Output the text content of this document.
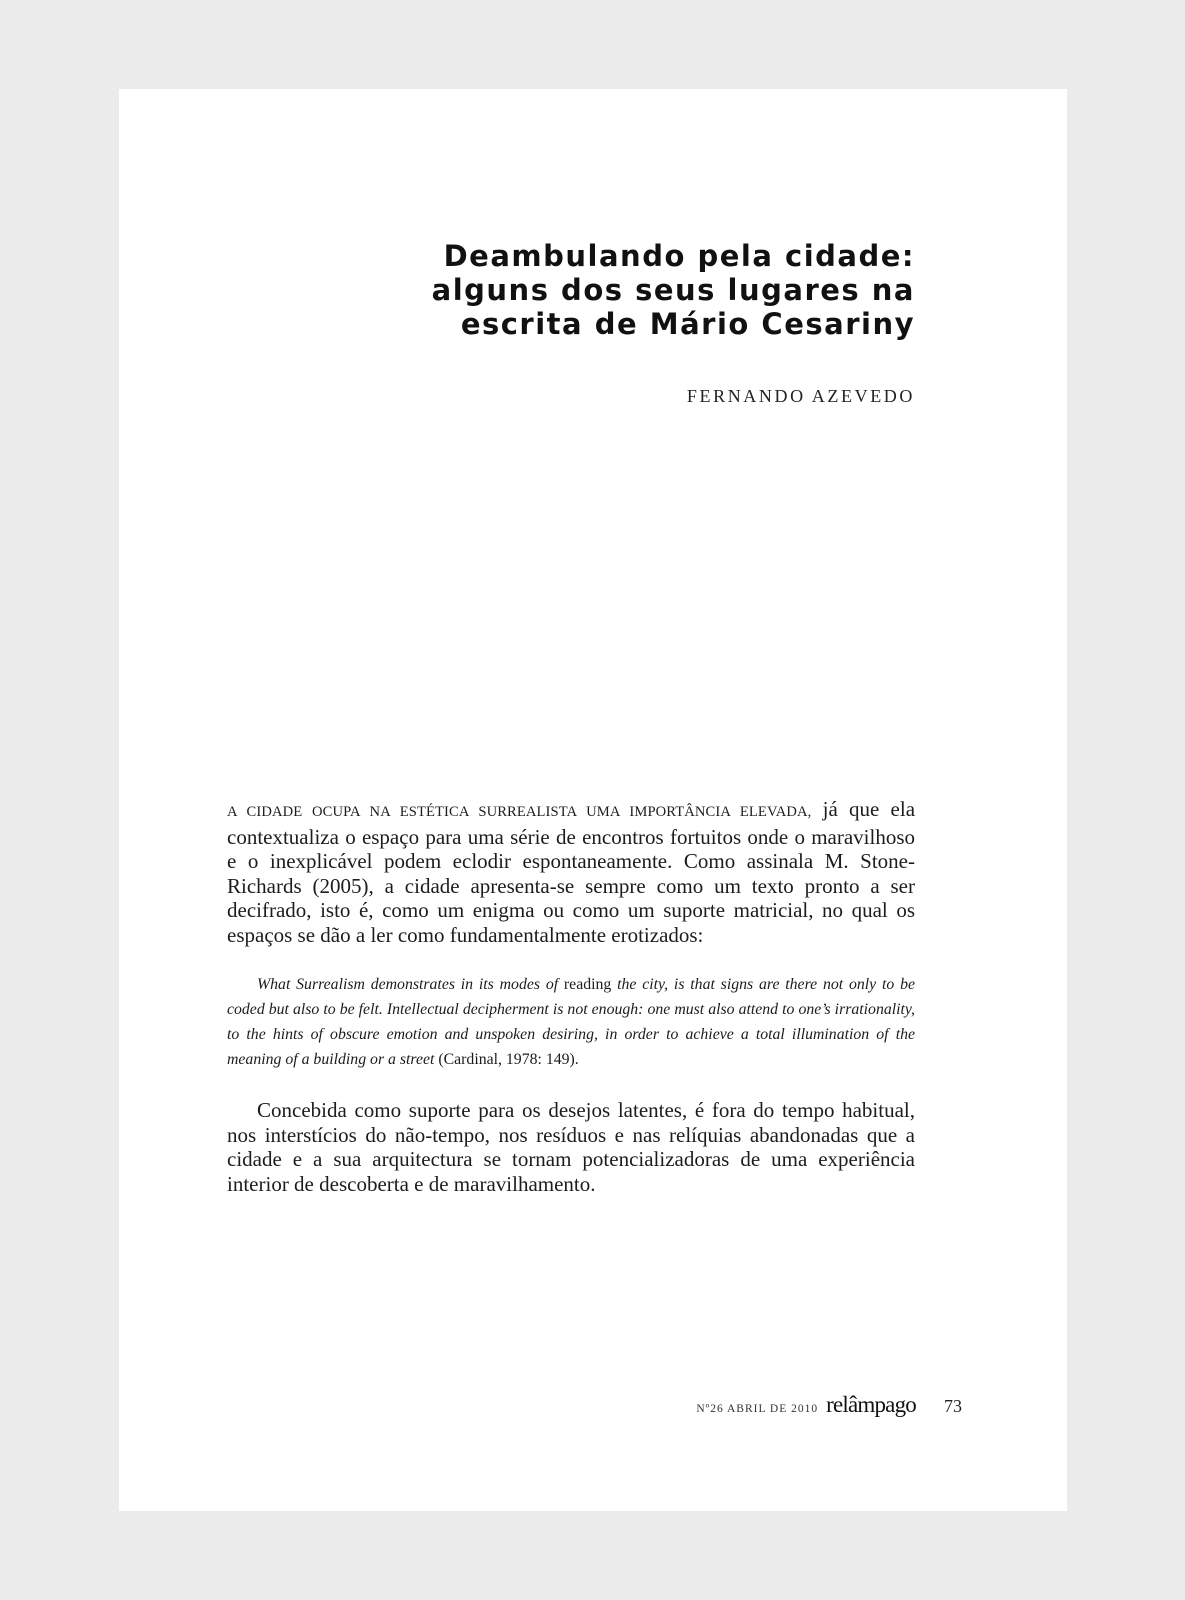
Deambulando pela cidade:
alguns dos seus lugares na
escrita de Mário Cesariny
FERNANDO AZEVEDO

A CIDADE OCUPA NA ESTÉTICA SURREALISTA UMA IMPORTÂNCIA ELEVADA, já que ela contextualiza o espaço para uma série de encontros fortuitos onde o maravilhoso e o inexplicável podem eclodir espontaneamente. Como assinala M. Stone-Richards (2005), a cidade apresenta-se sempre como um texto pronto a ser decifrado, isto é, como um enigma ou como um suporte matricial, no qual os espaços se dão a ler como fundamentalmente erotizados:

What Surrealism demonstrates in its modes of reading the city, is that signs are there not only to be coded but also to be felt. Intellectual decipherment is not enough: one must also attend to one’s irrationality, to the hints of obscure emotion and unspoken desiring, in order to achieve a total illumination of the meaning of a building or a street (Cardinal, 1978: 149).

Concebida como suporte para os desejos latentes, é fora do tempo habitual, nos interstícios do não-tempo, nos resíduos e nas relíquias abandonadas que a cidade e a sua arquitectura se tornam potencializadoras de uma experiência interior de descoberta e de maravilhamento.

Nº26 ABRIL DE 2010 relâmpago 73
